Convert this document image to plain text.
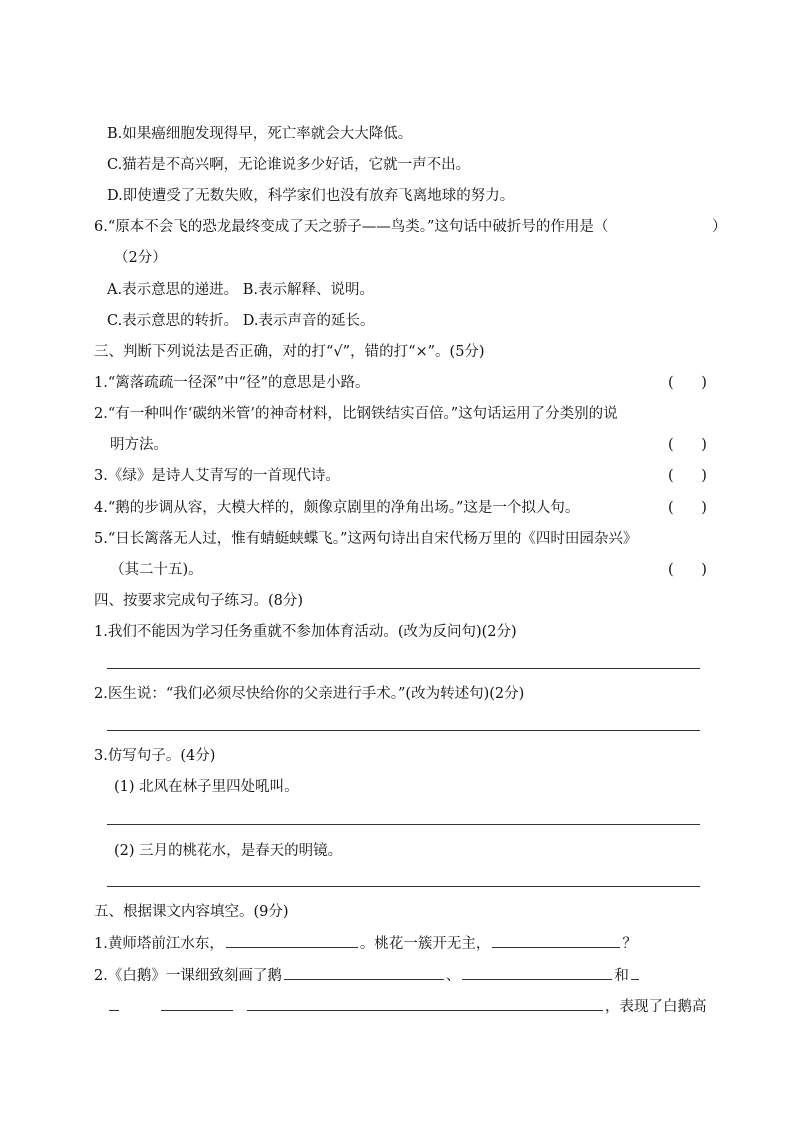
B.如果癌细胞发现得早，死亡率就会大大降低。
C.猫若是不高兴啊，无论谁说多少好话，它就一声不出。
D.即使遭受了无数失败，科学家们也没有放弃飞离地球的努力。
6.“原本不会飞的恐龙最终变成了天之骄子——鸟类。”这句话中破折号的作用是（	）
（2分）
A.表示意思的递进。 B.表示解释、说明。
C.表示意思的转折。 D.表示声音的延长。
三、判断下列说法是否正确，对的打“√”，错的打“×”。(5分)
1.“篱落疏疏一径深”中“径”的意思是小路。	(      )
2.“有一种叫作‘碳纳米管’的神奇材料，比钢铁结实百倍。”这句话运用了分类别的说
明方法。	(      )
3.《绿》是诗人艾青写的一首现代诗。	(      )
4.“鹅的步调从容，大模大样的，颇像京剧里的净角出场。”这是一个拟人句。	(      )
5.“日长篱落无人过，惟有蜻蜓蛱蝶飞。”这两句诗出自宋代杨万里的《四时田园杂兴》
（其二十五)。	(      )
四、按要求完成句子练习。(8分)
1.我们不能因为学习任务重就不参加体育活动。(改为反问句)(2分)
2.医生说：“我们必须尽快给你的父亲进行手术。”(改为转述句)(2分)
3.仿写句子。(4分)
(1) 北风在林子里四处吼叫。
(2) 三月的桃花水，是春天的明镜。
五、根据课文内容填空。(9分)
1.黄师塔前江水东，	。桃花一簇开无主，	？
2.《白鹅》一课细致刻画了鹅	、	和
，表现了白鹅高
